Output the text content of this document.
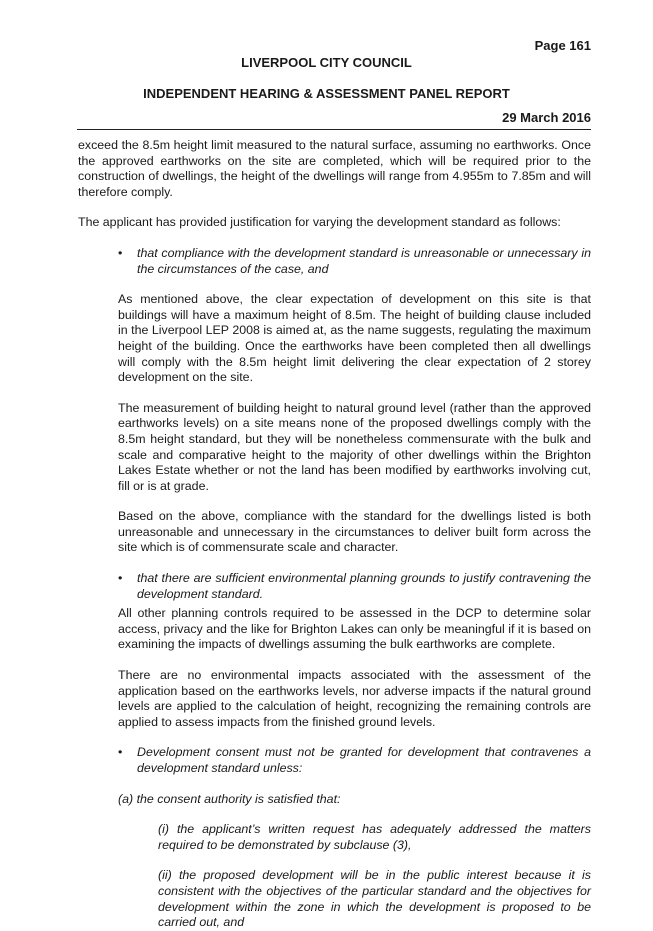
Page 161
LIVERPOOL CITY COUNCIL
INDEPENDENT HEARING & ASSESSMENT PANEL REPORT
29 March 2016

exceed the 8.5m height limit measured to the natural surface, assuming no earthworks. Once the approved earthworks on the site are completed, which will be required prior to the construction of dwellings, the height of the dwellings will range from 4.955m to 7.85m and will therefore comply.

The applicant has provided justification for varying the development standard as follows:

• that compliance with the development standard is unreasonable or unnecessary in the circumstances of the case, and

As mentioned above, the clear expectation of development on this site is that buildings will have a maximum height of 8.5m. The height of building clause included in the Liverpool LEP 2008 is aimed at, as the name suggests, regulating the maximum height of the building. Once the earthworks have been completed then all dwellings will comply with the 8.5m height limit delivering the clear expectation of 2 storey development on the site.

The measurement of building height to natural ground level (rather than the approved earthworks levels) on a site means none of the proposed dwellings comply with the 8.5m height standard, but they will be nonetheless commensurate with the bulk and scale and comparative height to the majority of other dwellings within the Brighton Lakes Estate whether or not the land has been modified by earthworks involving cut, fill or is at grade.

Based on the above, compliance with the standard for the dwellings listed is both unreasonable and unnecessary in the circumstances to deliver built form across the site which is of commensurate scale and character.

• that there are sufficient environmental planning grounds to justify contravening the development standard.

All other planning controls required to be assessed in the DCP to determine solar access, privacy and the like for Brighton Lakes can only be meaningful if it is based on examining the impacts of dwellings assuming the bulk earthworks are complete.

There are no environmental impacts associated with the assessment of the application based on the earthworks levels, nor adverse impacts if the natural ground levels are applied to the calculation of height, recognizing the remaining controls are applied to assess impacts from the finished ground levels.

• Development consent must not be granted for development that contravenes a development standard unless:

(a) the consent authority is satisfied that:

(i) the applicant’s written request has adequately addressed the matters required to be demonstrated by subclause (3),

(ii) the proposed development will be in the public interest because it is consistent with the objectives of the particular standard and the objectives for development within the zone in which the development is proposed to be carried out, and
